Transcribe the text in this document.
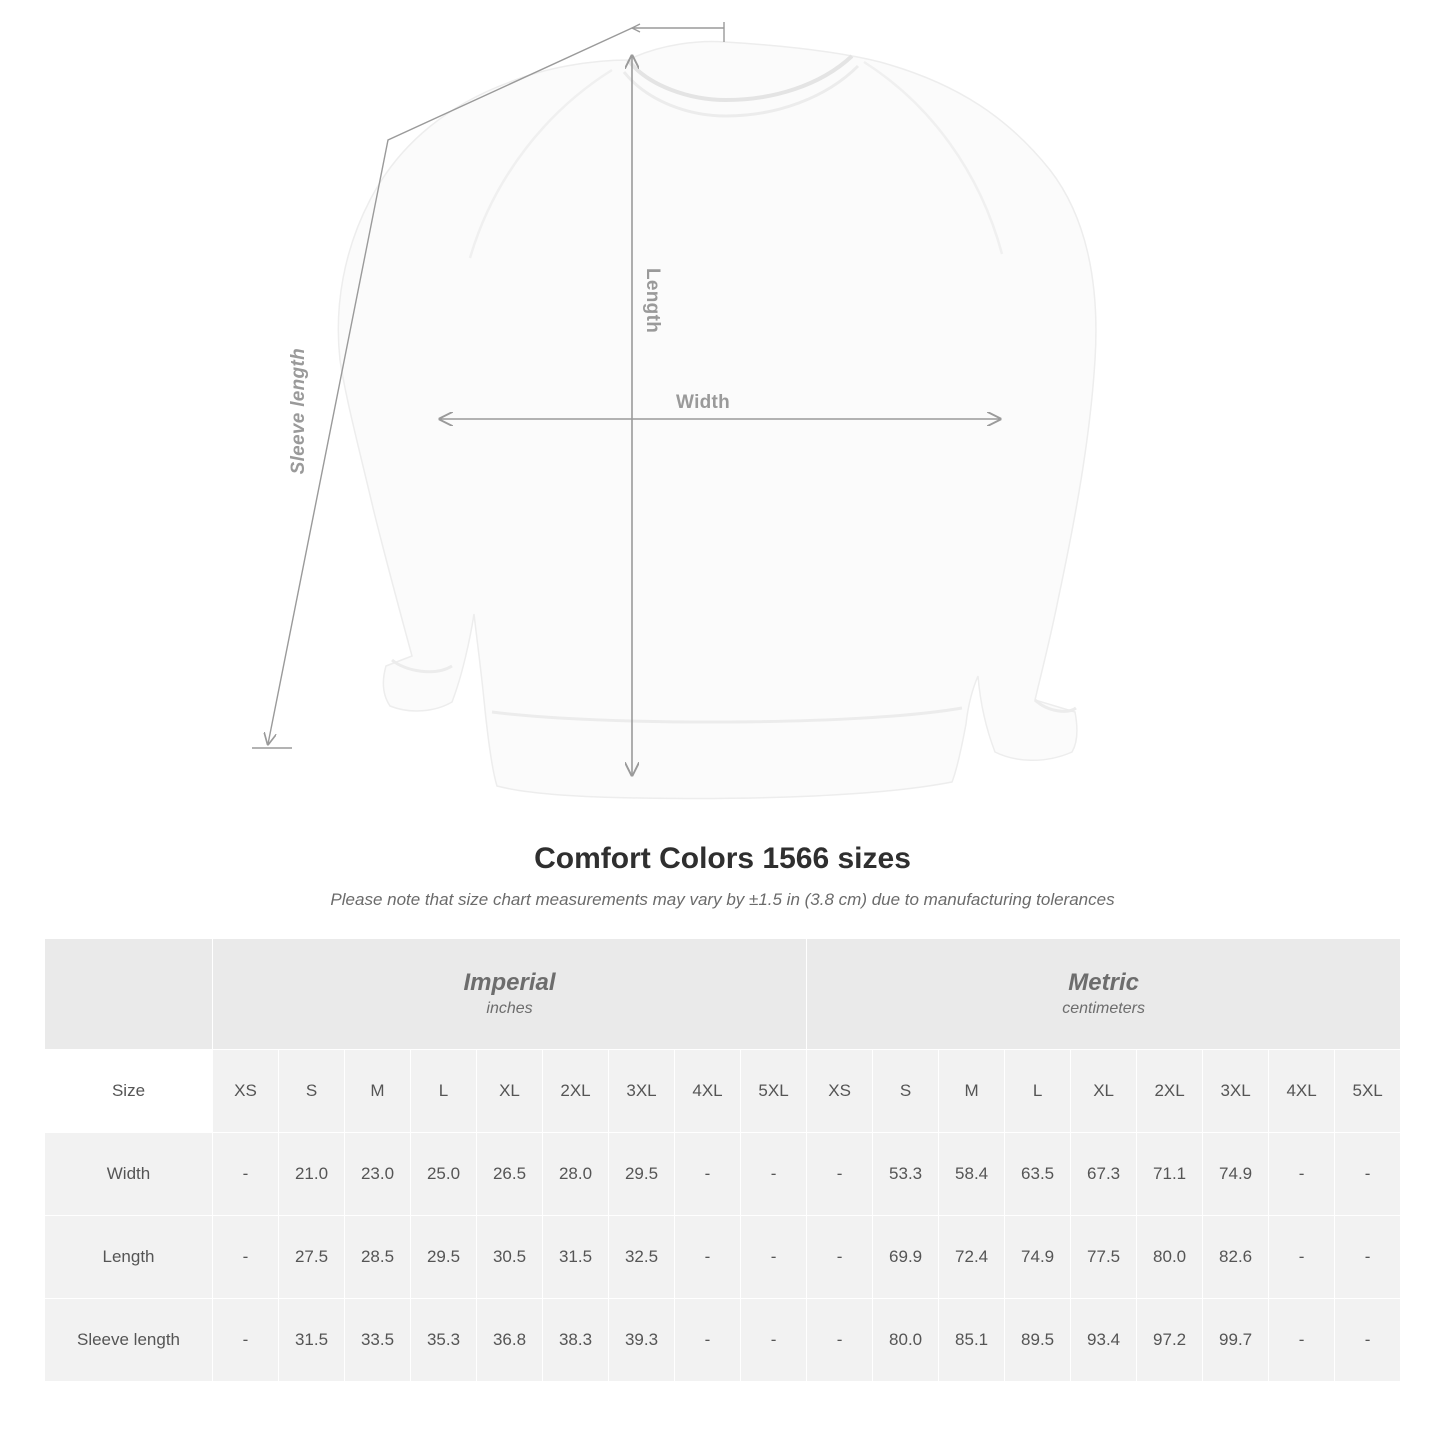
Width
Length
Sleeve length
Comfort Colors 1566 sizes
Please note that size chart measurements may vary by ±1.5 in (3.8 cm) due to manufacturing tolerances

	Imperial
inches									Metric
centimeters								

Size	XS	S	M	L	XL	2XL	3XL	4XL	5XL	XS	S	M	L	XL	2XL	3XL	4XL	5XL
Width	-	21.0	23.0	25.0	26.5	28.0	29.5	-	-	-	53.3	58.4	63.5	67.3	71.1	74.9	-	-
Length	-	27.5	28.5	29.5	30.5	31.5	32.5	-	-	-	69.9	72.4	74.9	77.5	80.0	82.6	-	-
Sleeve length	-	31.5	33.5	35.3	36.8	38.3	39.3	-	-	-	80.0	85.1	89.5	93.4	97.2	99.7	-	-
